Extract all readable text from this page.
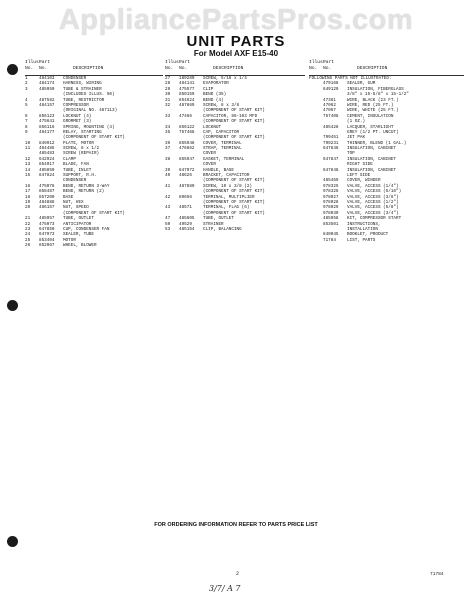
AppliancePartsPros.com
UNIT PARTS
For Model AXF E15-40
Illus.
Part
No. No.	DESCRIPTION
1	484103 CONDENSER
2	484174 HARNESS, WIRING
3	485950 TUBE & STRAINER
(INCLUDES ILLUS. 50)
4	487582 TUBE, RESTRICTOR
5	484157 COMPRESSOR
(ORIGINAL NO. 487113)
6	856123 LOCKNUT (4)
7	475641 GROMMET (3)
8	856116 SPRING, MOUNTING (4)
9	484177 RELAY, STARTING
(COMPONENT OF START KIT)
10 849912 PLATE, MOTOR
11 484486 SCREW, 8 x 1/2
485483 SCREW (REPAIR)
12 642924 CLAMP
13 854917 BLADE, FAN
14 485850 TUBE, INLET
15 847824 SUPPORT, R.H.
CONDENSER
16 475078 BEND, RETURN 3-WAY
17 858487 BEND, RETURN (2)
18 857200 BASE
19 484888 NUT, HEX
20 486157 NUT, SPEED
(COMPONENT OF START KIT)
21 485957 TUBE, OUTLET
22 475073 ANTICIPATOR
23 647850 CUP, CONDENSER FAN
24 647973 SEALER, TUBE
25 853404 MOTOR
26 852067 WHEEL, BLOWER
Illus.
Part
No. No.	DESCRIPTION
27 189280 SCREW, 5/16 x 1/4
28 484141 EVAPORATOR
29 475577 CLIP
30 850159 BEND (35)
31 854624 BEND (4)
32 487869 SCREW, 8 x 3/8
(COMPONENT OF START KIT)
33 47466	CAPACITOR, 86-103 MFD
(COMPONENT OF START KIT)
34 856122 LOCKNUT
35 757468 CAP, CAPACITOR
(COMPONENT OF START KIT)
36 855948 COVER, TERMINAL
37 476662 STRAP, TERMINAL
COVER
38 855947 GASKET, TERMINAL
COVER
39 647972 HANDLE, BASE
40 48626	BRACKET, CAPACITOR
(COMPONENT OF START KIT)
41 487880 SCREW, 10 x 3/8 (2)
(COMPONENT OF START KIT)
42 89656	TERMINAL, MULTIPLIER
(COMPONENT OF START KIT)
43 48571	TERMINAL, FLAG (6)
(COMPONENT OF START KIT)
47 485605 TUBE, OUTLET
50 49529	STRAINER
53 485154 CLIP, BALANCING
Illus.
Part
No. No.	DESCRIPTION
FOLLOWING PARTS NOT ILLUSTRATED:
479168 SEALER, GUM
649129 INSULATION, FIBERGLASS
3/8" x 15-5/8" x 15-1/2"
47361	WIRE, BLACK (23 FT.)
47062	WIRE, RED (25 FT.)
47067	WIRE, WHITE (25 FT.)
757408 CEMENT, INSULATION
(1 OZ.)
485428 LACQUER, STARLIGHT
GREY (1/2 PT. UNCUT)
799451 JET PAK
799231 THINNER, BLEND (1 GAL.)
647846 INSULATION, CABINET
TOP
647847 INSULATION, CABINET
RIGHT SIDE
647848 INSULATION, CABINET
LEFT SIDE
485469 COVER, WINDER
978325 VALVE, ACCESS (1/4")
978326 VALVE, ACCESS (5/16")
978027 VALVE, ACCESS (3/8")
978028 VALVE, ACCESS (1/2")
978029 VALVE, ACCESS (5/8")
978030 VALVE, ACCESS (3/4")
485958 KIT, COMPRESSOR START
853501 INSTRUCTIONS,
INSTALLATION
840045 BOOKLET, PRODUCT
71784	LIST, PARTS
FOR ORDERING INFORMATION REFER TO PARTS PRICE LIST
2	71784
3/7/ A 7
